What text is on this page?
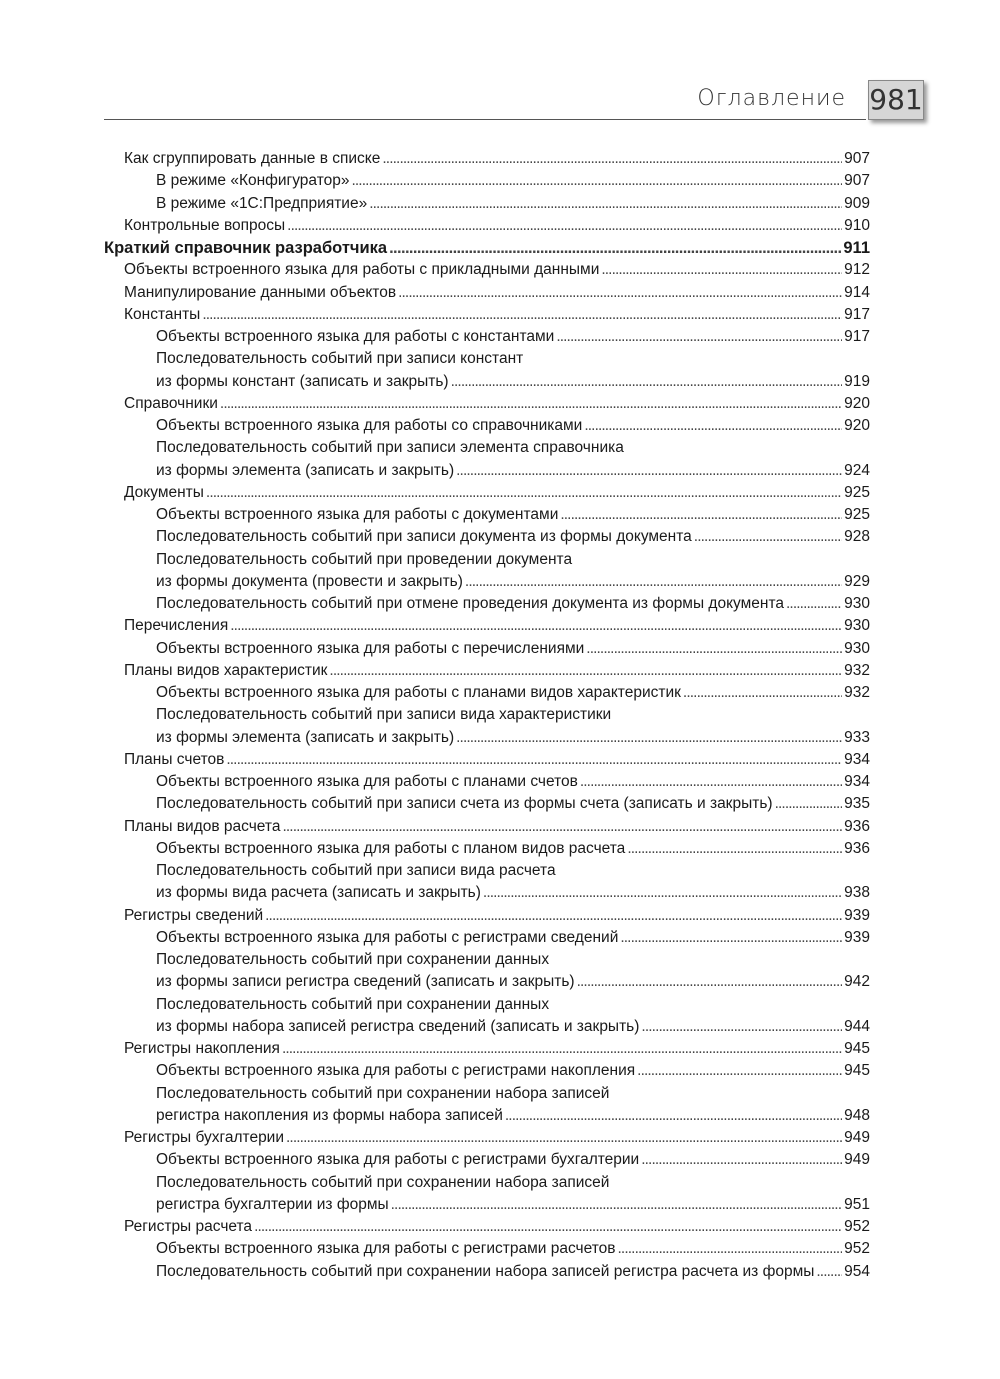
Оглавление 981
Как сгруппировать данные в списке . . .	907
В режиме «Конфигуратор» . . .	907
В режиме «1С:Предприятие» . . .	909
Контрольные вопросы . . .	910
Краткий справочник разработчика . . .	911
Объекты встроенного языка для работы с прикладными данными . . .	912
Манипулирование данными объектов . . .	914
Константы . . .	917
Объекты встроенного языка для работы с константами . . .	917
Последовательность событий при записи констант
из формы констант (записать и закрыть) . . .	919
Справочники . . .	920
Объекты встроенного языка для работы со справочниками . . .	920
Последовательность событий при записи элемента справочника
из формы элемента (записать и закрыть) . . .	924
Документы . . .	925
Объекты встроенного языка для работы с документами . . .	925
Последовательность событий при записи документа из формы документа . . .	928
Последовательность событий при проведении документа
из формы документа (провести и закрыть) . . .	929
Последовательность событий при отмене проведения документа из формы документа . . .	930
Перечисления . . .	930
Объекты встроенного языка для работы с перечислениями . . .	930
Планы видов характеристик . . .	932
Объекты встроенного языка для работы с планами видов характеристик . . .	932
Последовательность событий при записи вида характеристики
из формы элемента (записать и закрыть) . . .	933
Планы счетов . . .	934
Объекты встроенного языка для работы с планами счетов . . .	934
Последовательность событий при записи счета из формы счета (записать и закрыть) . . .	935
Планы видов расчета . . .	936
Объекты встроенного языка для работы с планом видов расчета . . .	936
Последовательность событий при записи вида расчета
из формы вида расчета (записать и закрыть) . . .	938
Регистры сведений . . .	939
Объекты встроенного языка для работы с регистрами сведений . . .	939
Последовательность событий при сохранении данных
из формы записи регистра сведений (записать и закрыть) . . .	942
Последовательность событий при сохранении данных
из формы набора записей регистра сведений (записать и закрыть) . . .	944
Регистры накопления . . .	945
Объекты встроенного языка для работы с регистрами накопления . . .	945
Последовательность событий при сохранении набора записей
регистра накопления из формы набора записей . . .	948
Регистры бухгалтерии . . .	949
Объекты встроенного языка для работы с регистрами бухгалтерии . . .	949
Последовательность событий при сохранении набора записей
регистра бухгалтерии из формы . . .	951
Регистры расчета . . .	952
Объекты встроенного языка для работы с регистрами расчетов . . .	952
Последовательность событий при сохранении набора записей регистра расчета из формы . . . 954
